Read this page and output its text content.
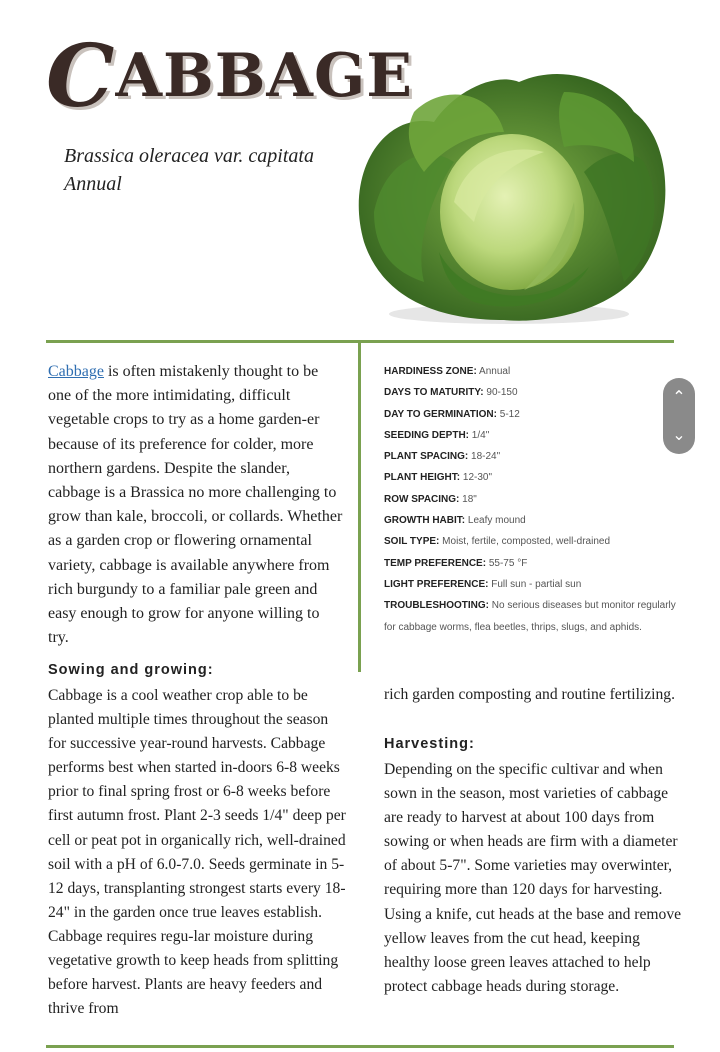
CABBAGE
Brassica oleracea var. capitata
Annual
Cabbage is often mistakenly thought to be one of the more intimidating, difficult vegetable crops to try as a home garden-er because of its preference for colder, more northern gardens. Despite the slander, cabbage is a Brassica no more challenging to grow than kale, broccoli, or collards. Whether as a garden crop or flowering ornamental variety, cabbage is available anywhere from rich burgundy to a familiar pale green and easy enough to grow for anyone willing to try.
HARDINESS ZONE: Annual
DAYS TO MATURITY: 90-150
DAY TO GERMINATION: 5-12
SEEDING DEPTH: 1/4"
PLANT SPACING: 18-24"
PLANT HEIGHT: 12-30"
ROW SPACING: 18"
GROWTH HABIT: Leafy mound
SOIL TYPE: Moist, fertile, composted, well-drained
TEMP PREFERENCE: 55-75 °F
LIGHT PREFERENCE: Full sun - partial sun
TROUBLESHOOTING: No serious diseases but monitor regularly for cabbage worms, flea beetles, thrips, slugs, and aphids.
⌃
⌄
Sowing and growing:
Cabbage is a cool weather crop able to be planted multiple times throughout the season for successive year-round harvests. Cabbage performs best when started in-doors 6-8 weeks prior to final spring frost or 6-8 weeks before first autumn frost. Plant 2-3 seeds 1/4" deep per cell or peat pot in organically rich, well-drained soil with a pH of 6.0-7.0. Seeds germinate in 5-12 days, transplanting strongest starts every 18-24" in the garden once true leaves establish. Cabbage requires regu-lar moisture during vegetative growth to keep heads from splitting before harvest. Plants are heavy feeders and thrive from
rich garden composting and routine fertilizing.
Harvesting:
Depending on the specific cultivar and when sown in the season, most varieties of cabbage are ready to harvest at about 100 days from sowing or when heads are firm with a diameter of about 5-7". Some varieties may overwinter, requiring more than 120 days for harvesting. Using a knife, cut heads at the base and remove yellow leaves from the cut head, keeping healthy loose green leaves attached to help protect cabbage heads during storage.
